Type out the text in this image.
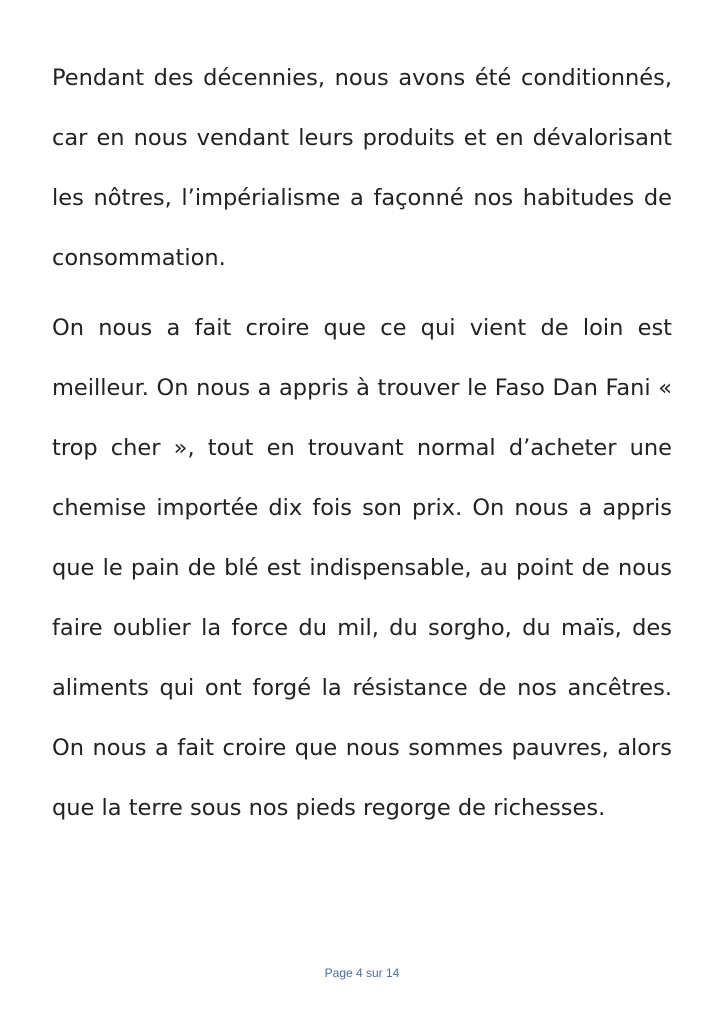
Pendant des décennies, nous avons été conditionnés, car en nous vendant leurs produits et en dévalorisant les nôtres, l’impérialisme a façonné nos habitudes de consommation.

On nous a fait croire que ce qui vient de loin est meilleur. On nous a appris à trouver le Faso Dan Fani « trop cher », tout en trouvant normal d’acheter une chemise importée dix fois son prix. On nous a appris que le pain de blé est indispensable, au point de nous faire oublier la force du mil, du sorgho, du maïs, des aliments qui ont forgé la résistance de nos ancêtres. On nous a fait croire que nous sommes pauvres, alors que la terre sous nos pieds regorge de richesses.

Page 4 sur 14
